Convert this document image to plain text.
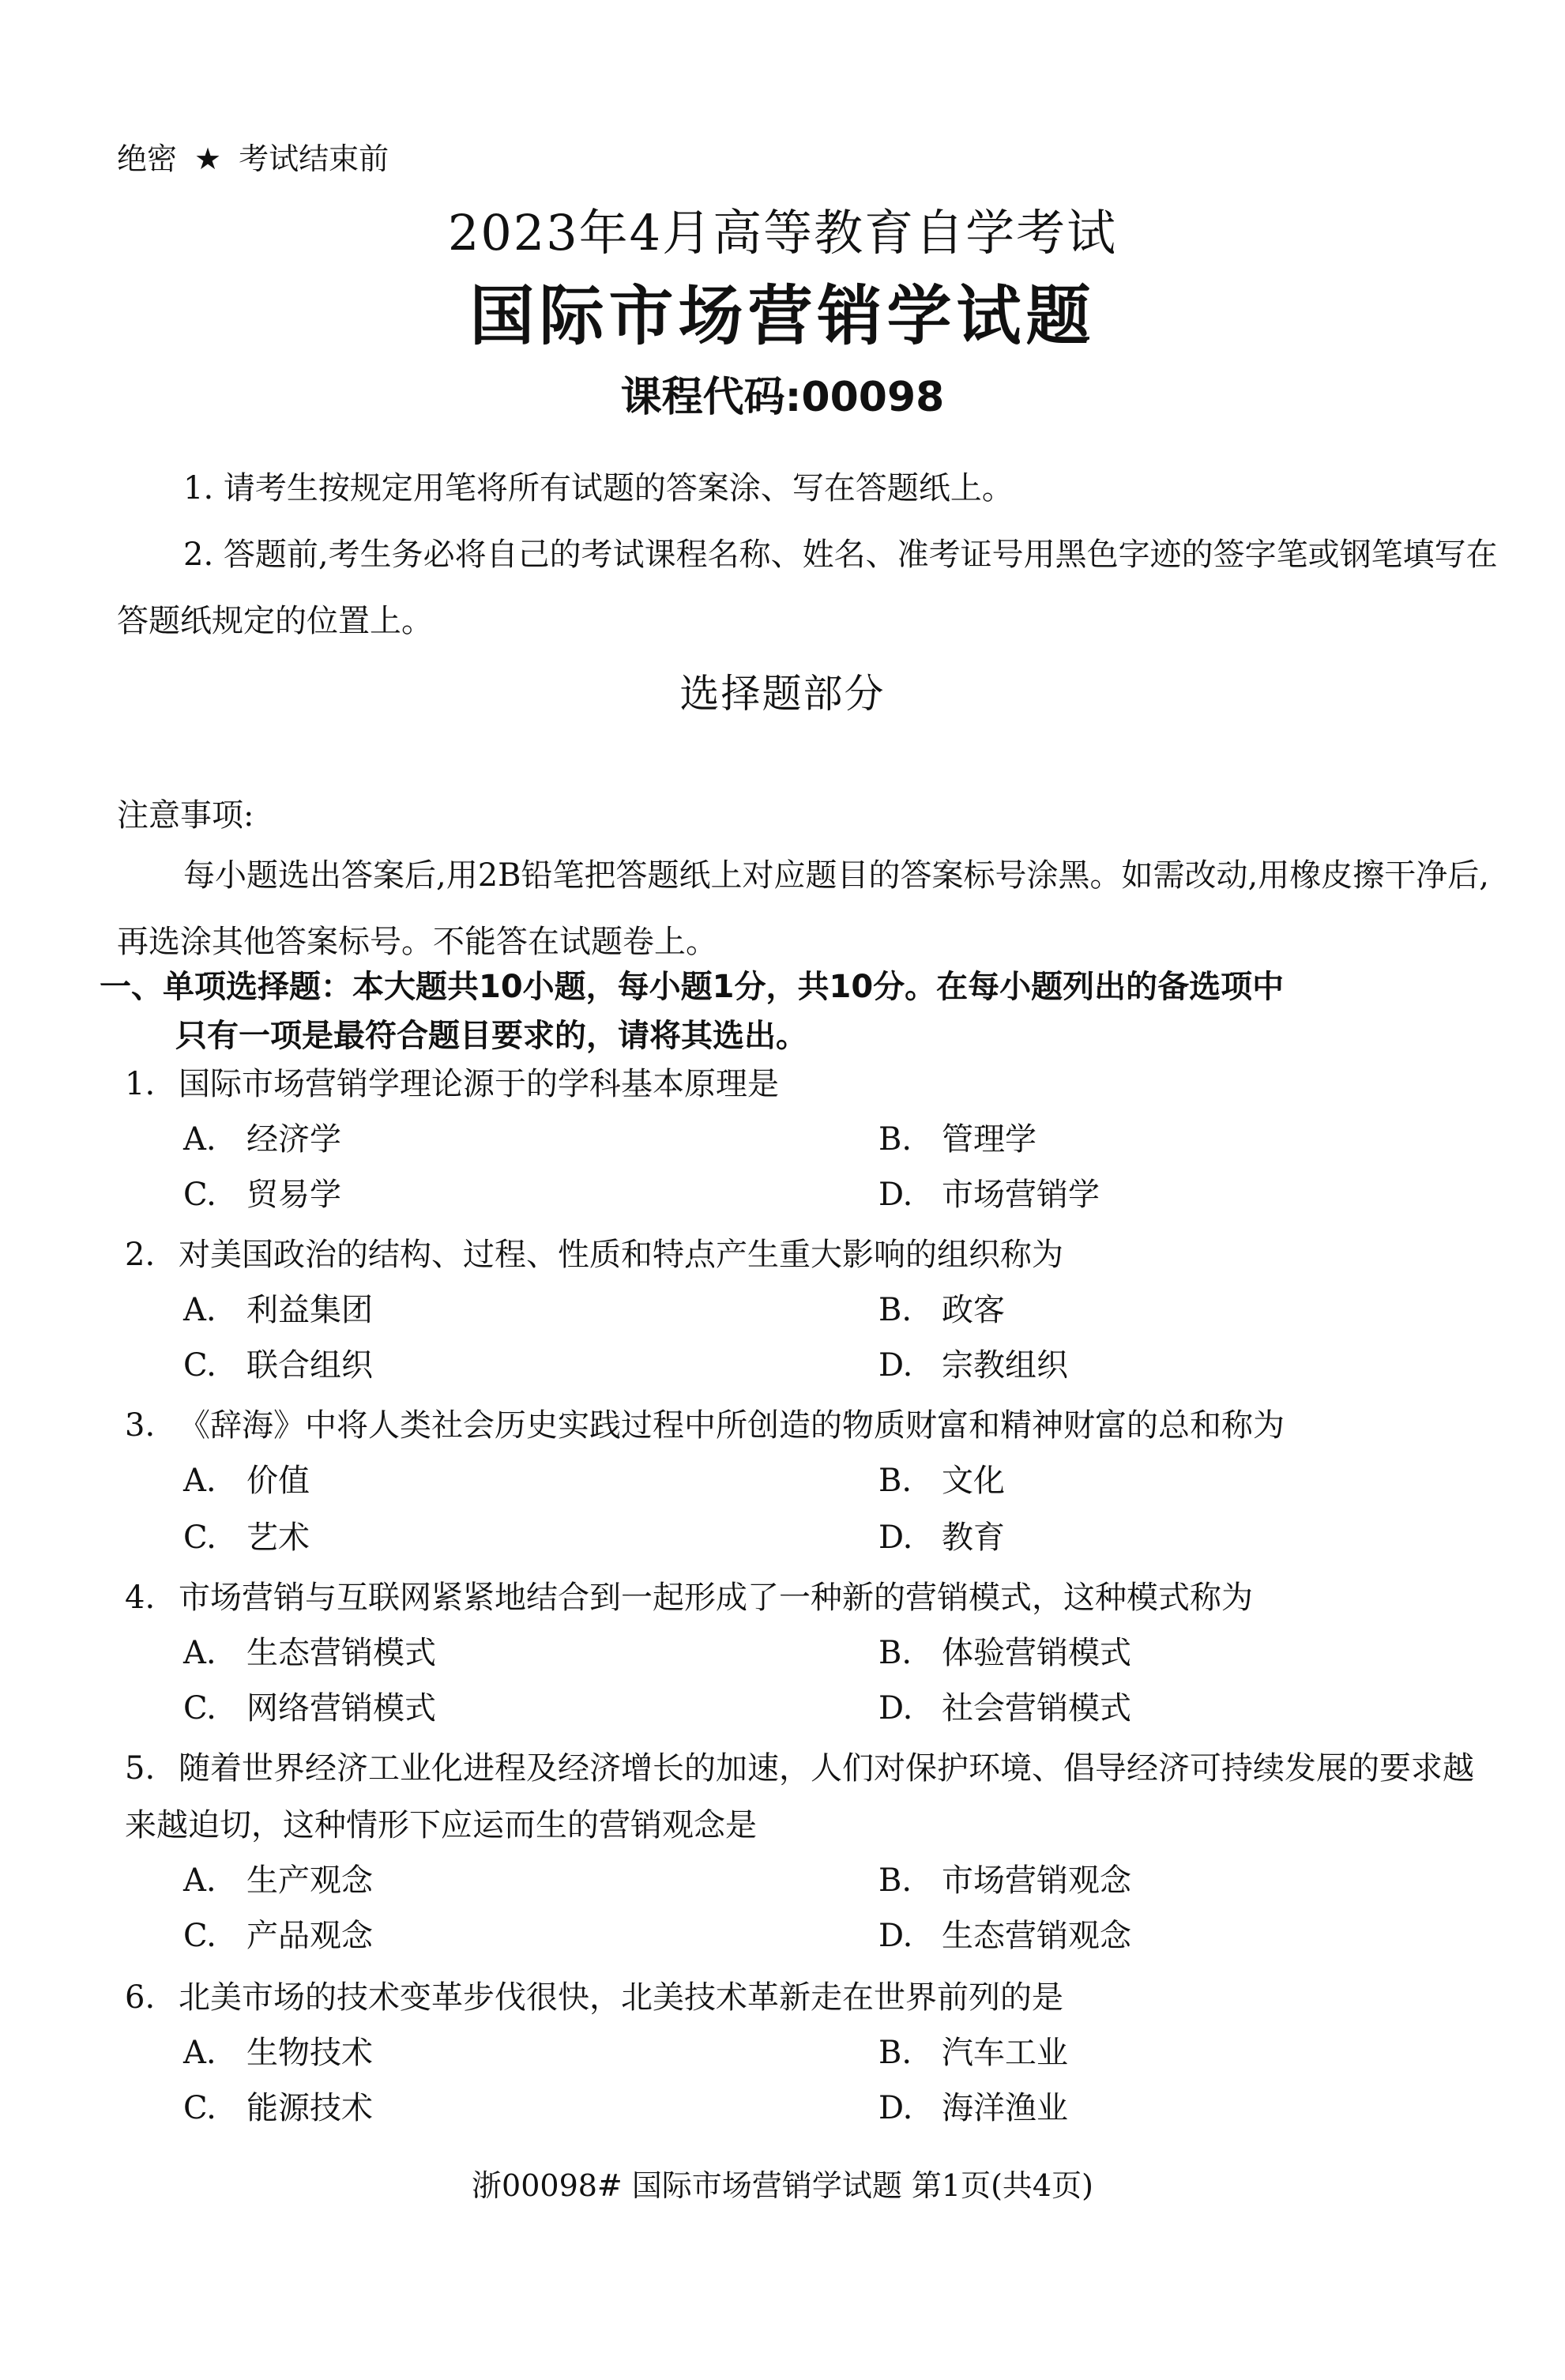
绝密 ★ 考试结束前
2023年4月高等教育自学考试
国际市场营销学试题
课程代码:00098
1. 请考生按规定用笔将所有试题的答案涂、写在答题纸上。
2. 答题前,考生务必将自己的考试课程名称、姓名、准考证号用黑色字迹的签字笔或钢笔填写在答题纸规定的位置上。
选择题部分
注意事项:
每小题选出答案后,用2B铅笔把答题纸上对应题目的答案标号涂黑。如需改动,用橡皮擦干净后,再选涂其他答案标号。不能答在试题卷上。
一、单项选择题：本大题共10小题，每小题1分，共10分。在每小题列出的备选项中
只有一项是最符合题目要求的，请将其选出。
1. 国际市场营销学理论源于的学科基本原理是
A. 经济学	B. 管理学
C. 贸易学	D. 市场营销学
2. 对美国政治的结构、过程、性质和特点产生重大影响的组织称为
A. 利益集团	B. 政客
C. 联合组织	D. 宗教组织
3. 《辞海》中将人类社会历史实践过程中所创造的物质财富和精神财富的总和称为
A. 价值	B. 文化
C. 艺术	D. 教育
4. 市场营销与互联网紧紧地结合到一起形成了一种新的营销模式，这种模式称为
A. 生态营销模式	B. 体验营销模式
C. 网络营销模式	D. 社会营销模式
5. 随着世界经济工业化进程及经济增长的加速，人们对保护环境、倡导经济可持续发展的要求越来越迫切，这种情形下应运而生的营销观念是
A. 生产观念	B. 市场营销观念
C. 产品观念	D. 生态营销观念
6. 北美市场的技术变革步伐很快，北美技术革新走在世界前列的是
A. 生物技术	B. 汽车工业
C. 能源技术	D. 海洋渔业
浙00098# 国际市场营销学试题 第1页(共4页)
